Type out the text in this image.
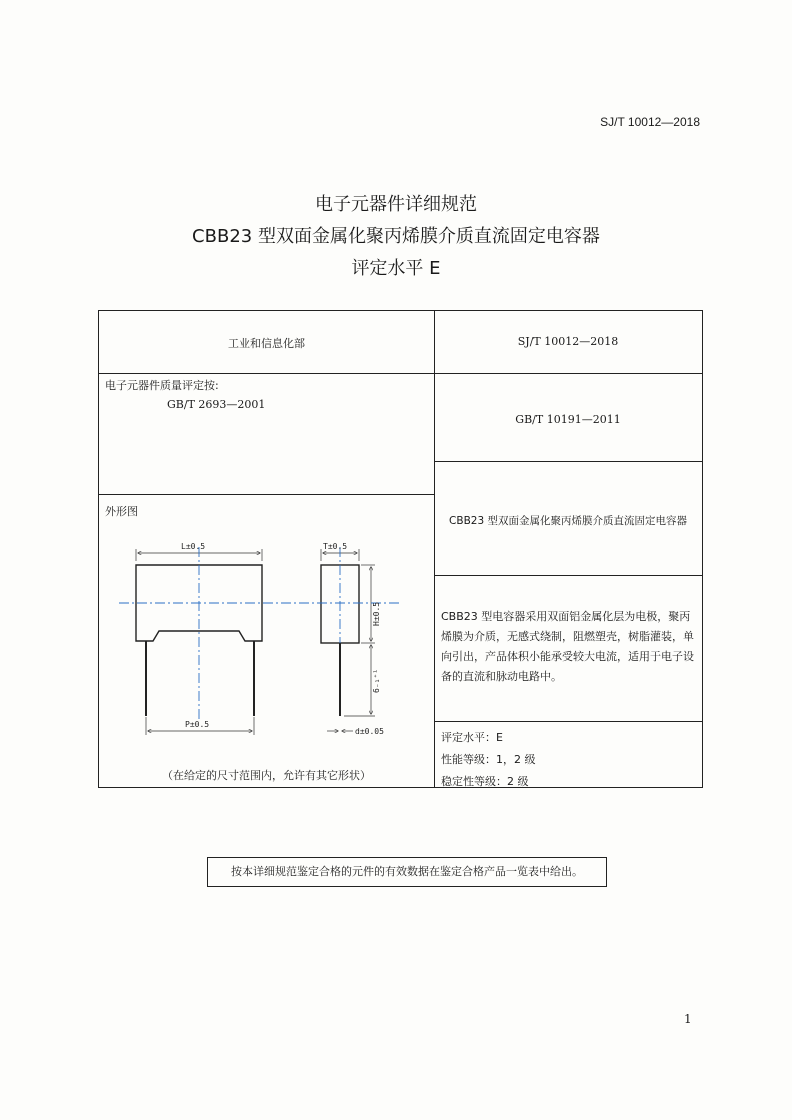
SJ/T 10012—2018
电子元器件详细规范
CBB23 型双面金属化聚丙烯膜介质直流固定电容器
评定水平 E
工业和信息化部	SJ/T 10012—2018
电子元器件质量评定按:
GB/T 2693—2001
GB/T 10191—2011
外形图
CBB23 型双面金属化聚丙烯膜介质直流固定电容器
CBB23 型电容器采用双面铝金属化层为电极，聚丙烯膜为介质，无感式绕制，阻燃塑壳，树脂灌装，单向引出，产品体积小能承受较大电流，适用于电子设备的直流和脉动电路中。
评定水平：E
性能等级：1，2 级
稳定性等级：2 级
（在给定的尺寸范围内，允许有其它形状）
L±0.5	T±0.5
H±0.5
6₋₁⁺¹
P±0.5
d±0.05
按本详细规范鉴定合格的元件的有效数据在鉴定合格产品一览表中给出。
1
